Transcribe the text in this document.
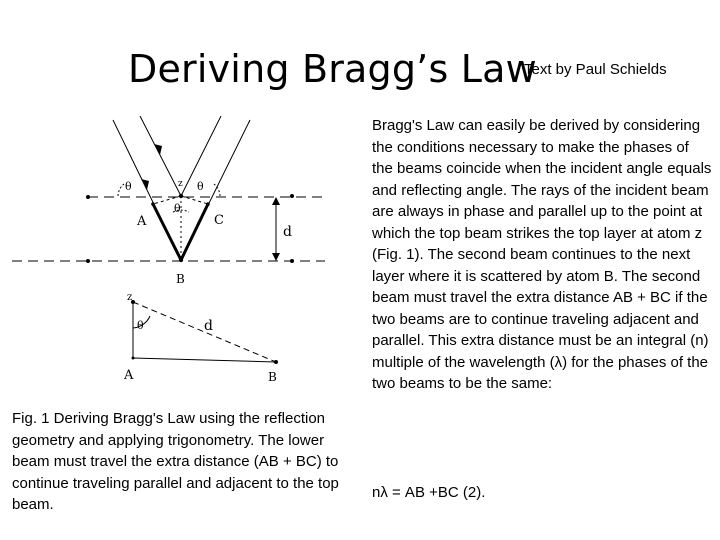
Deriving Bragg’s Law
Text by Paul Schields
θ	z θ
θ
A	C
d
B
z
θ	d
A	B
Fig. 1 Deriving Bragg's Law using the reflection geometry and applying trigonometry. The lower beam must travel the extra distance (AB + BC) to continue traveling parallel and adjacent to the top beam.
Bragg's Law can easily be derived by considering the conditions necessary to make the phases of the beams coincide when the incident angle equals and reflecting angle. The rays of the incident beam are always in phase and parallel up to the point at which the top beam strikes the top layer at atom z (Fig. 1). The second beam continues to the next layer where it is scattered by atom B. The second beam must travel the extra distance AB + BC if the two beams are to continue traveling adjacent and parallel. This extra distance must be an integral (n) multiple of the wavelength (λ) for the phases of the two beams to be the same:
nλ = AB +BC (2).
